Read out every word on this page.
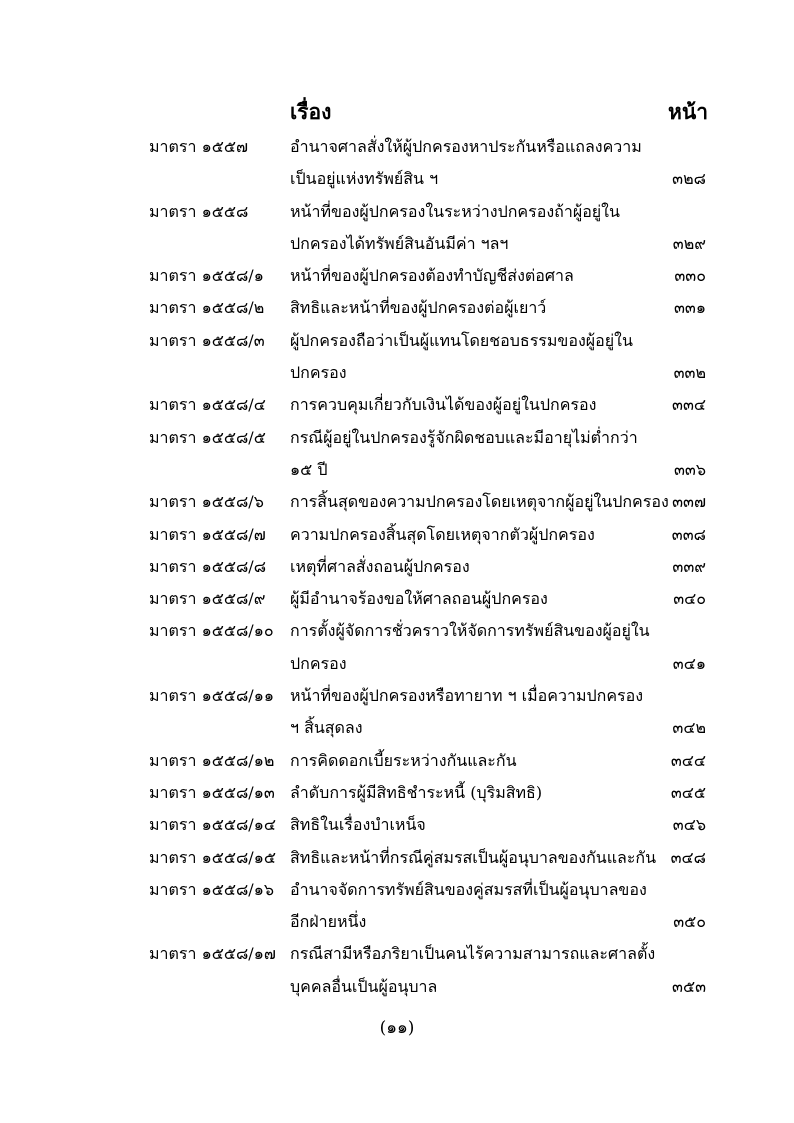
เรื่อง	หน้า
มาตรา ๑๕๕๗	อำนาจศาลสั่งให้ผู้ปกครองหาประกันหรือแถลงความ
เป็นอยู่แห่งทรัพย์สิน ฯ	๓๒๘
มาตรา ๑๕๕๘	หน้าที่ของผู้ปกครองในระหว่างปกครองถ้าผู้อยู่ใน
ปกครองได้ทรัพย์สินอันมีค่า ฯลฯ	๓๒๙
มาตรา ๑๕๕๘/๑ หน้าที่ของผู้ปกครองต้องทำบัญชีส่งต่อศาล	๓๓๐
มาตรา ๑๕๕๘/๒ สิทธิและหน้าที่ของผู้ปกครองต่อผู้เยาว์	๓๓๑
มาตรา ๑๕๕๘/๓ ผู้ปกครองถือว่าเป็นผู้แทนโดยชอบธรรมของผู้อยู่ใน
ปกครอง	๓๓๒
มาตรา ๑๕๕๘/๔ การควบคุมเกี่ยวกับเงินได้ของผู้อยู่ในปกครอง	๓๓๔
มาตรา ๑๕๕๘/๕ กรณีผู้อยู่ในปกครองรู้จักผิดชอบและมีอายุไม่ต่ำกว่า
๑๕ ปี	๓๓๖
มาตรา ๑๕๕๘/๖ การสิ้นสุดของความปกครองโดยเหตุจากผู้อยู่ในปกครอง ๓๓๗
มาตรา ๑๕๕๘/๗ ความปกครองสิ้นสุดโดยเหตุจากตัวผู้ปกครอง	๓๓๘
มาตรา ๑๕๕๘/๘ เหตุที่ศาลสั่งถอนผู้ปกครอง	๓๓๙
มาตรา ๑๕๕๘/๙ ผู้มีอำนาจร้องขอให้ศาลถอนผู้ปกครอง	๓๔๐
มาตรา ๑๕๕๘/๑๐ การตั้งผู้จัดการชั่วคราวให้จัดการทรัพย์สินของผู้อยู่ใน
ปกครอง	๓๔๑
มาตรา ๑๕๕๘/๑๑ หน้าที่ของผู้ปกครองหรือทายาท ฯ เมื่อความปกครอง
ฯ สิ้นสุดลง	๓๔๒
มาตรา ๑๕๕๘/๑๒ การคิดดอกเบี้ยระหว่างกันและกัน	๓๔๔
มาตรา ๑๕๕๘/๑๓ ลำดับการผู้มีสิทธิชำระหนี้ (บุริมสิทธิ)	๓๔๕
มาตรา ๑๕๕๘/๑๔ สิทธิในเรื่องบำเหน็จ	๓๔๖
มาตรา ๑๕๕๘/๑๕ สิทธิและหน้าที่กรณีคู่สมรสเป็นผู้อนุบาลของกันและกัน ๓๔๘
มาตรา ๑๕๕๘/๑๖ อำนาจจัดการทรัพย์สินของคู่สมรสที่เป็นผู้อนุบาลของ
อีกฝ่ายหนึ่ง	๓๕๐
มาตรา ๑๕๕๘/๑๗ กรณีสามีหรือภริยาเป็นคนไร้ความสามารถและศาลตั้ง
บุคคลอื่นเป็นผู้อนุบาล	๓๕๓
(๑๑)
